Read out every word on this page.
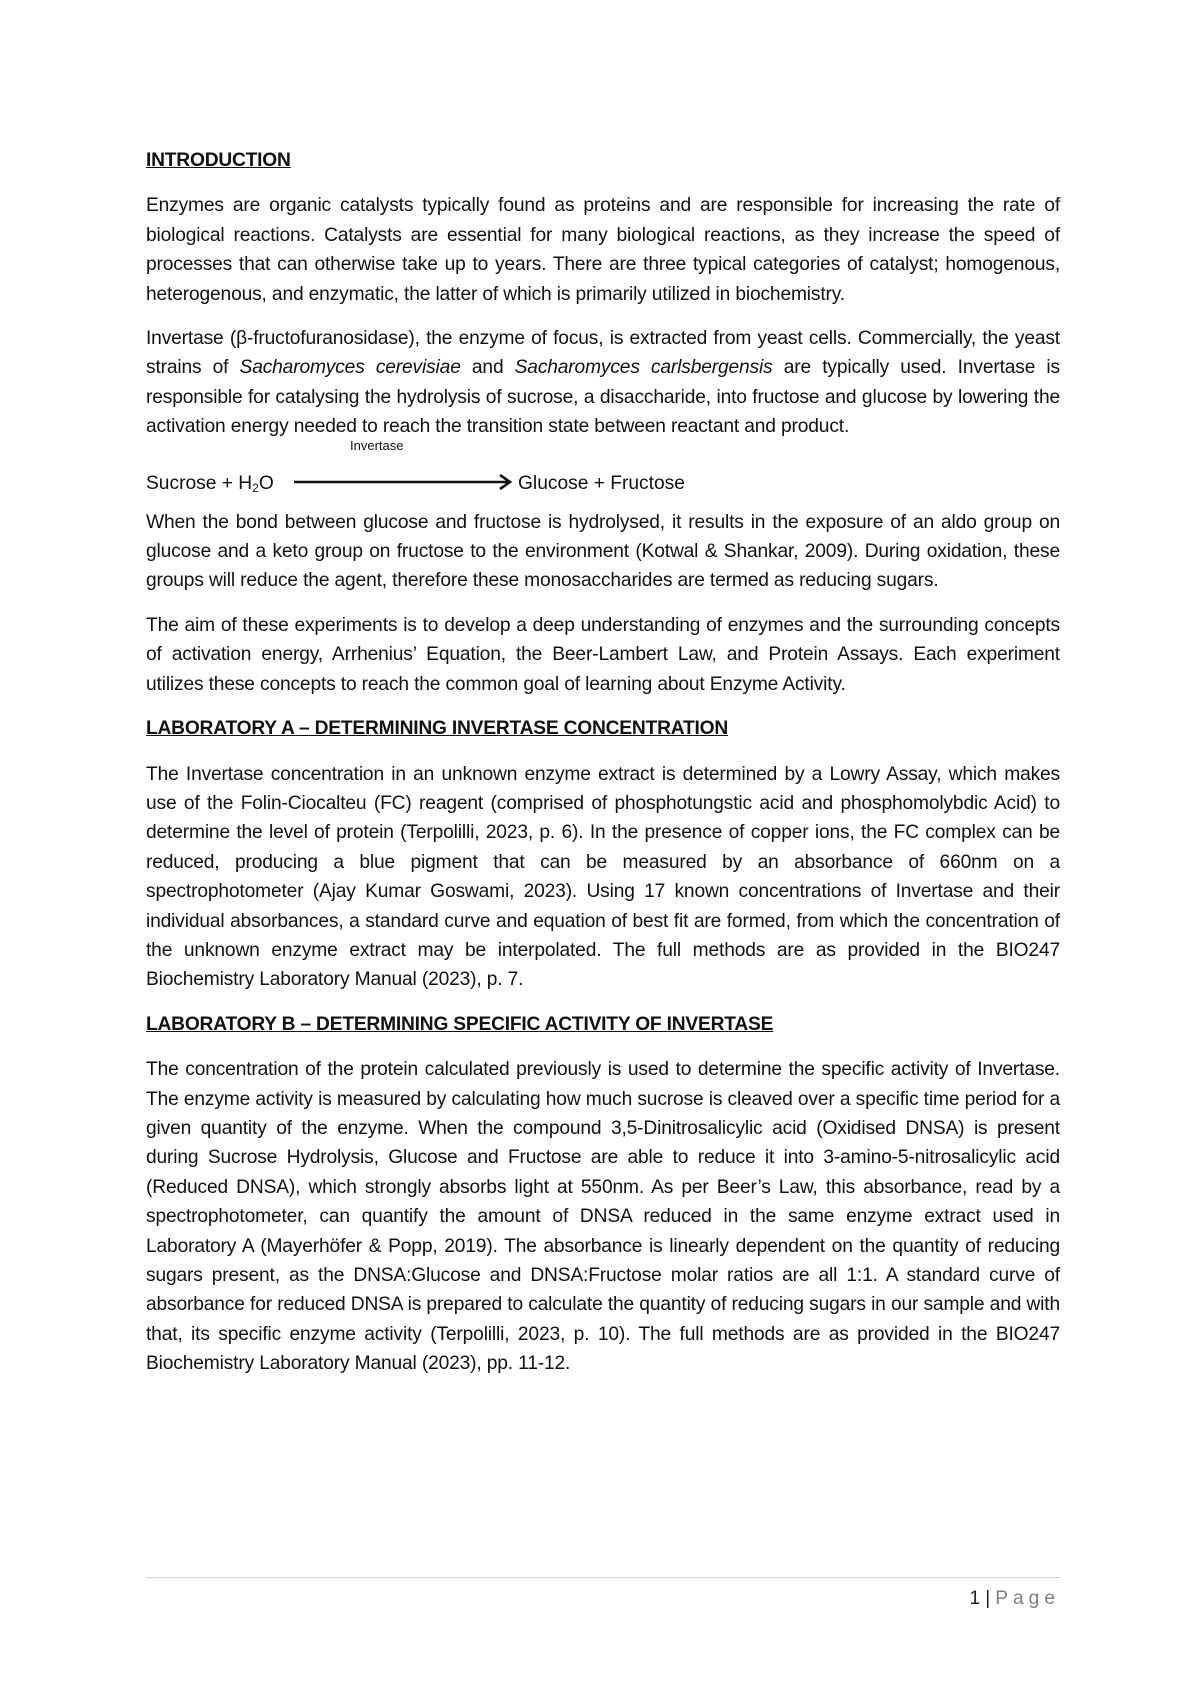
INTRODUCTION

Enzymes are organic catalysts typically found as proteins and are responsible for increasing the rate of biological reactions. Catalysts are essential for many biological reactions, as they increase the speed of processes that can otherwise take up to years. There are three typical categories of catalyst; homogenous, heterogenous, and enzymatic, the latter of which is primarily utilized in biochemistry.

Invertase (β-fructofuranosidase), the enzyme of focus, is extracted from yeast cells. Commercially, the yeast strains of Sacharomyces cerevisiae and Sacharomyces carlsbergensis are typically used. Invertase is responsible for catalysing the hydrolysis of sucrose, a disaccharide, into fructose and glucose by lowering the activation energy needed to reach the transition state between reactant and product.

Invertase
Sucrose + $H_2O$	Glucose + Fructose

When the bond between glucose and fructose is hydrolysed, it results in the exposure of an aldo group on glucose and a keto group on fructose to the environment (Kotwal & Shankar, 2009). During oxidation, these groups will reduce the agent, therefore these monosaccharides are termed as reducing sugars.

The aim of these experiments is to develop a deep understanding of enzymes and the surrounding concepts of activation energy, Arrhenius’ Equation, the Beer-Lambert Law, and Protein Assays. Each experiment utilizes these concepts to reach the common goal of learning about Enzyme Activity.

LABORATORY A – DETERMINING INVERTASE CONCENTRATION

The Invertase concentration in an unknown enzyme extract is determined by a Lowry Assay, which makes use of the Folin-Ciocalteu (FC) reagent (comprised of phosphotungstic acid and phosphomolybdic Acid) to determine the level of protein (Terpolilli, 2023, p. 6). In the presence of copper ions, the FC complex can be reduced, producing a blue pigment that can be measured by an absorbance of 660nm on a spectrophotometer (Ajay Kumar Goswami, 2023). Using 17 known concentrations of Invertase and their individual absorbances, a standard curve and equation of best fit are formed, from which the concentration of the unknown enzyme extract may be interpolated. The full methods are as provided in the BIO247 Biochemistry Laboratory Manual (2023), p. 7.

LABORATORY B – DETERMINING SPECIFIC ACTIVITY OF INVERTASE

The concentration of the protein calculated previously is used to determine the specific activity of Invertase. The enzyme activity is measured by calculating how much sucrose is cleaved over a specific time period for a given quantity of the enzyme. When the compound 3,5-Dinitrosalicylic acid (Oxidised DNSA) is present during Sucrose Hydrolysis, Glucose and Fructose are able to reduce it into 3-amino-5-nitrosalicylic acid (Reduced DNSA), which strongly absorbs light at 550nm. As per Beer’s Law, this absorbance, read by a spectrophotometer, can quantify the amount of DNSA reduced in the same enzyme extract used in Laboratory A (Mayerhöfer & Popp, 2019). The absorbance is linearly dependent on the quantity of reducing sugars present, as the DNSA:Glucose and DNSA:Fructose molar ratios are all 1:1. A standard curve of absorbance for reduced DNSA is prepared to calculate the quantity of reducing sugars in our sample and with that, its specific enzyme activity (Terpolilli, 2023, p. 10). The full methods are as provided in the BIO247 Biochemistry Laboratory Manual (2023), pp. 11-12.

1 | Page
